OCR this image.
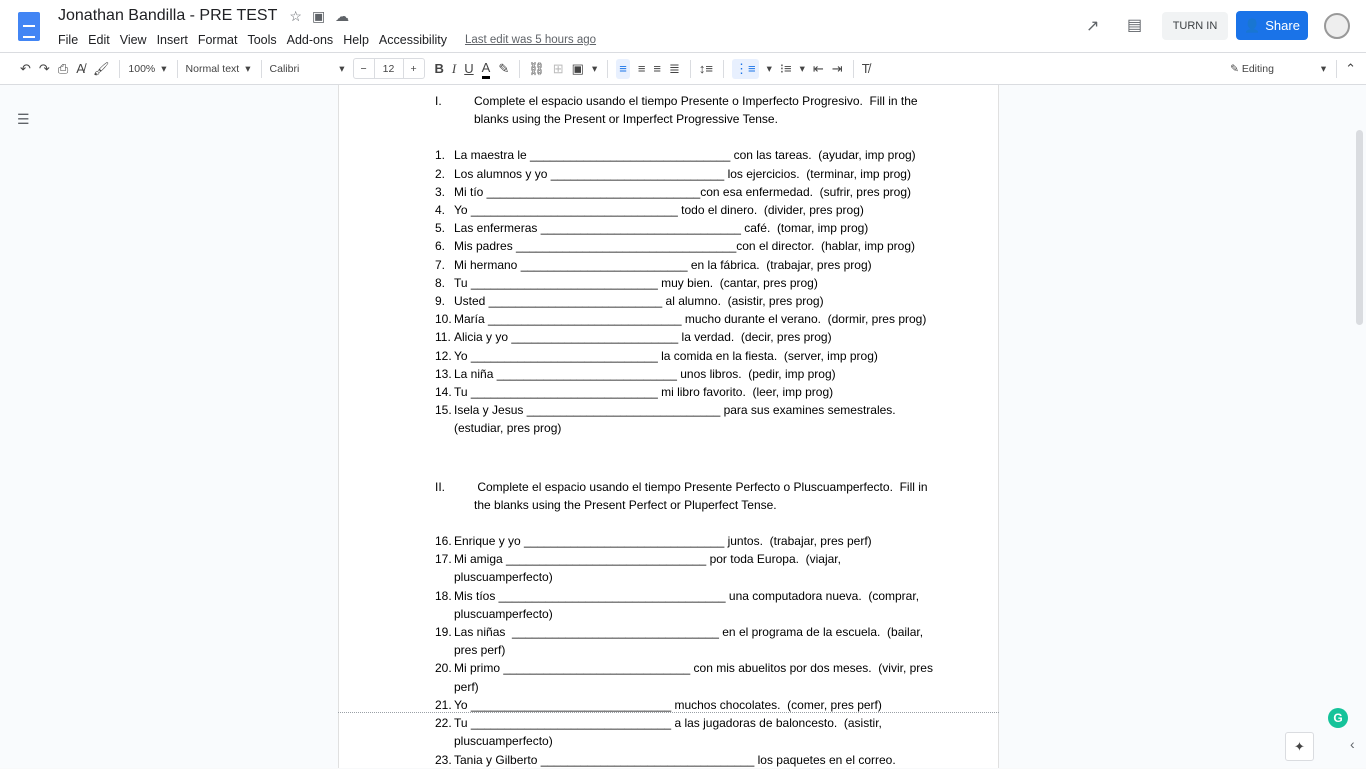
Jonathan Bandilla - PRE TEST ☆ ▣ ☁
File Edit View Insert Format Tools Add-ons Help Accessibility Last edit was 5 hours ago
↗ ▤	TURN IN	👤 Share
↶ ↷ ⎙ A̸ 🖌 100% ▾ Normal text ▾ Calibri	▾	−	12	+	B I U A ✎ ⛓ ⊞ ▣ ▾ ≡ ≡ ≡ ≣ ↕≡ ⋮≡ ▾ ⁝≡ ▾ ⇤ ⇥ T̸	✎ Editing	▾ ⌃
☰
I.	Complete el espacio usando el tiempo Presente o Imperfecto Progresivo.  Fill in the
blanks using the Present or Imperfect Progressive Tense.
1. La maestra le ______________________________ con las tareas.  (ayudar, imp prog)
2. Los alumnos y yo __________________________ los ejercicios.  (terminar, imp prog)
3. Mi tío ________________________________con esa enfermedad.  (sufrir, pres prog)
4. Yo _______________________________ todo el dinero.  (divider, pres prog)
5. Las enfermeras ______________________________ café.  (tomar, imp prog)
6. Mis padres _________________________________con el director.  (hablar, imp prog)
7. Mi hermano _________________________ en la fábrica.  (trabajar, pres prog)
8. Tu ____________________________ muy bien.  (cantar, pres prog)
9. Usted __________________________ al alumno.  (asistir, pres prog)
10. María _____________________________ mucho durante el verano.  (dormir, pres prog)
11. Alicia y yo _________________________ la verdad.  (decir, pres prog)
12. Yo ____________________________ la comida en la fiesta.  (server, imp prog)
13. La niña ___________________________ unos libros.  (pedir, imp prog)
14. Tu ____________________________ mi libro favorito.  (leer, imp prog)
15. Isela y Jesus _____________________________ para sus examines semestrales.
(estudiar, pres prog)
II.	Complete el espacio usando el tiempo Presente Perfecto o Pluscuamperfecto.  Fill in
the blanks using the Present Perfect or Pluperfect Tense.
16. Enrique y yo ______________________________ juntos.  (trabajar, pres perf)
17. Mi amiga ______________________________ por toda Europa.  (viajar,
pluscuamperfecto)
18. Mis tíos __________________________________ una computadora nueva.  (comprar,
pluscuamperfecto)
19. Las niñas  _______________________________ en el programa de la escuela.  (bailar,
pres perf)
20. Mi primo ____________________________ con mis abuelitos por dos meses.  (vivir, pres
perf)
21. Yo ______________________________ muchos chocolates.  (comer, pres perf)
22. Tu ______________________________ a las jugadoras de baloncesto.  (asistir,
pluscuamperfecto)
23. Tania y Gilberto ________________________________ los paquetes en el correo.
G
✦	‹
